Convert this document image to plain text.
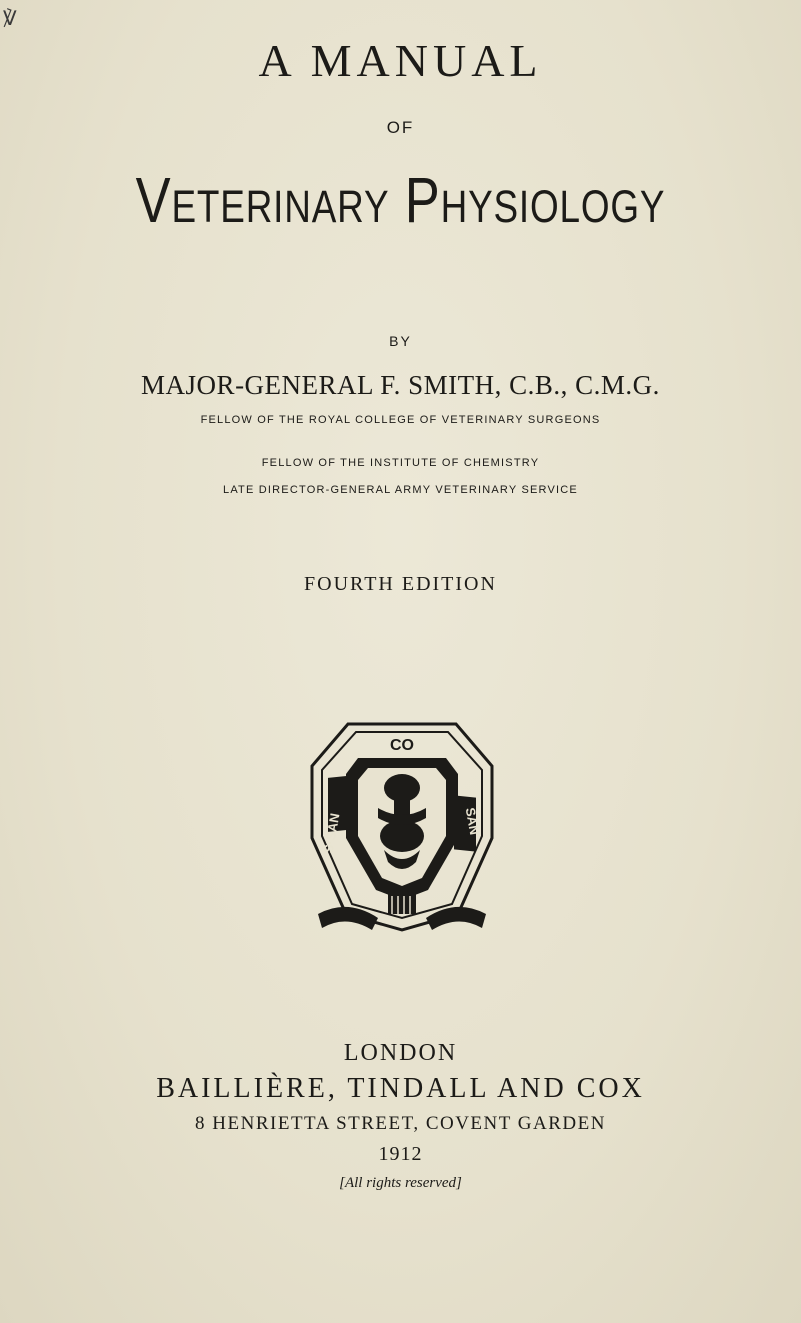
℣
A MANUAL
OF
Veterinary Physiology
BY
MAJOR-GENERAL F. SMITH, C.B., C.M.G.
FELLOW OF THE ROYAL COLLEGE OF VETERINARY SURGEONS
FELLOW OF THE INSTITUTE OF CHEMISTRY
LATE DIRECTOR-GENERAL ARMY VETERINARY SERVICE
FOURTH EDITION
CO
S·SAN	SAN
LONDON
BAILLIÈRE, TINDALL AND COX
8 HENRIETTA STREET, COVENT GARDEN
1912
[All rights reserved]
